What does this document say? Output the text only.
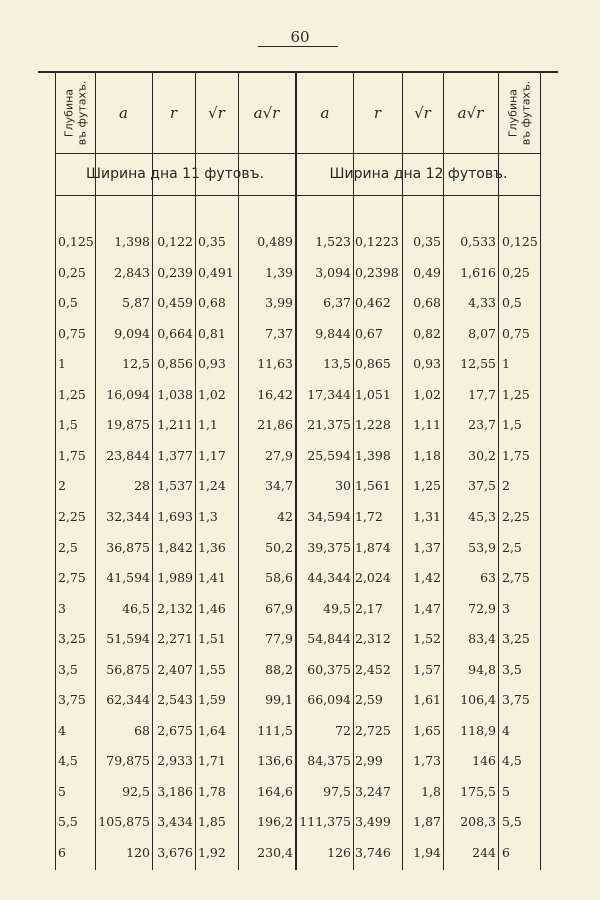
60
Глубина
въ футахъ.	a	r	√r	a√r	a	r	√r	a√r	Глубина
въ футахъ.
Ширина дна 11 футовъ.	Ширина дна 12 футовъ.
0,125	1,398 0,122 0,35	0,489	1,523 0,1223	0,35	0,533 0,125
0,25	2,843 0,239 0,491	1,39	3,094 0,2398	0,49	1,616 0,25
0,5	5,87 0,459 0,68	3,99	6,37 0,462	0,68	4,33 0,5
0,75	9,094 0,664 0,81	7,37	9,844 0,67	0,82	8,07 0,75
1	12,5 0,856 0,93	11,63	13,5 0,865	0,93	12,55 1
1,25	16,094 1,038 1,02	16,42	17,344 1,051	1,02	17,7 1,25
1,5	19,875 1,211 1,1	21,86	21,375 1,228	1,11	23,7 1,5
1,75	23,844 1,377 1,17	27,9	25,594 1,398	1,18	30,2 1,75
2	28 1,537 1,24	34,7	30 1,561	1,25	37,5 2
2,25	32,344 1,693 1,3	42	34,594 1,72	1,31	45,3 2,25
2,5	36,875 1,842 1,36	50,2	39,375 1,874	1,37	53,9 2,5
2,75	41,594 1,989 1,41	58,6	44,344 2,024	1,42	63 2,75
3	46,5 2,132 1,46	67,9	49,5 2,17	1,47	72,9 3
3,25	51,594 2,271 1,51	77,9	54,844 2,312	1,52	83,4 3,25
3,5	56,875 2,407 1,55	88,2	60,375 2,452	1,57	94,8 3,5
3,75	62,344 2,543 1,59	99,1	66,094 2,59	1,61	106,4 3,75
4	68 2,675 1,64	111,5	72 2,725	1,65	118,9 4
4,5	79,875 2,933 1,71	136,6	84,375 2,99	1,73	146 4,5
5	92,5 3,186 1,78	164,6	97,5 3,247	1,8	175,5 5
5,5	105,875 3,434 1,85	196,2 111,375 3,499	1,87	208,3 5,5
6	120 3,676 1,92	230,4	126 3,746	1,94	244 6
